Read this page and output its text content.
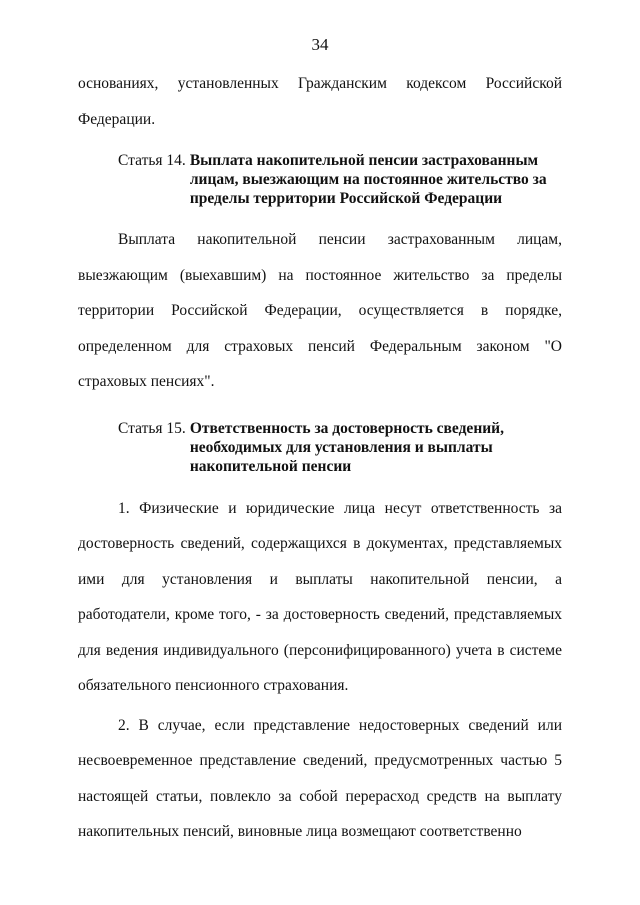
34

основаниях, установленных Гражданским кодексом Российской Федерации.

Статья 14. Выплата накопительной пенсии застрахованным лицам, выезжающим на постоянное жительство за пределы территории Российской Федерации

Выплата накопительной пенсии застрахованным лицам, выезжающим (выехавшим) на постоянное жительство за пределы территории Российской Федерации, осуществляется в порядке, определенном для страховых пенсий Федеральным законом "О страховых пенсиях".

Статья 15. Ответственность за достоверность сведений, необходимых для установления и выплаты накопительной пенсии

1. Физические и юридические лица несут ответственность за достоверность сведений, содержащихся в документах, представляемых ими для установления и выплаты накопительной пенсии, а работодатели, кроме того, - за достоверность сведений, представляемых для ведения индивидуального (персонифицированного) учета в системе обязательного пенсионного страхования.

2. В случае, если представление недостоверных сведений или несвоевременное представление сведений, предусмотренных частью 5 настоящей статьи, повлекло за собой перерасход средств на выплату накопительных пенсий, виновные лица возмещают соответственно
